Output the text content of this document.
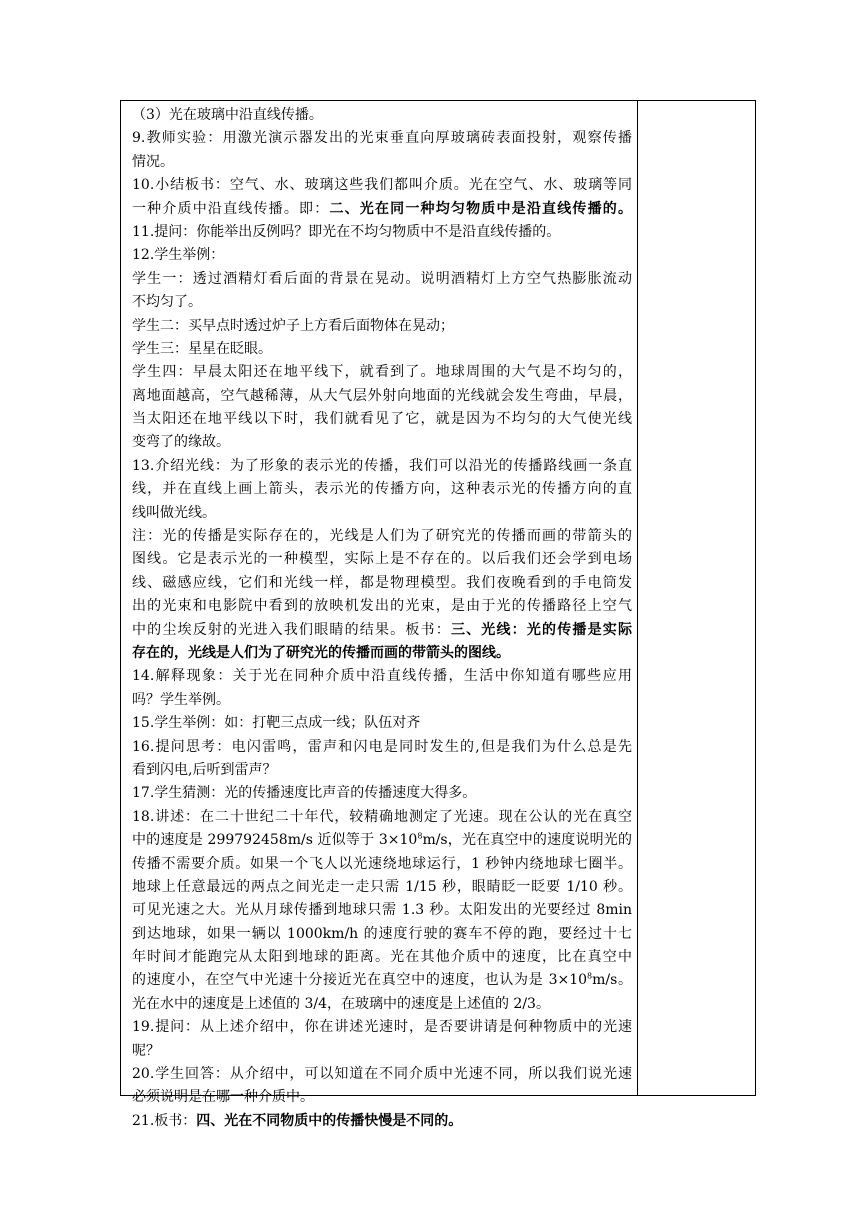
（3）光在玻璃中沿直线传播。
9.教师实验：用激光演示器发出的光束垂直向厚玻璃砖表面投射，观察传播
情况。
10.小结板书：空气、水、玻璃这些我们都叫介质。光在空气、水、玻璃等同
一种介质中沿直线传播。即：二、光在同一种均匀物质中是沿直线传播的。
11.提问：你能举出反例吗？即光在不均匀物质中不是沿直线传播的。
12.学生举例：
学生一：透过酒精灯看后面的背景在晃动。说明酒精灯上方空气热膨胀流动
不均匀了。
学生二：买早点时透过炉子上方看后面物体在晃动；
学生三：星星在眨眼。
学生四：早晨太阳还在地平线下，就看到了。地球周围的大气是不均匀的，
离地面越高，空气越稀薄，从大气层外射向地面的光线就会发生弯曲，早晨，
当太阳还在地平线以下时，我们就看见了它，就是因为不均匀的大气使光线
变弯了的缘故。
13.介绍光线：为了形象的表示光的传播，我们可以沿光的传播路线画一条直
线，并在直线上画上箭头，表示光的传播方向，这种表示光的传播方向的直
线叫做光线。
注：光的传播是实际存在的，光线是人们为了研究光的传播而画的带箭头的
图线。它是表示光的一种模型，实际上是不存在的。以后我们还会学到电场
线、磁感应线，它们和光线一样，都是物理模型。我们夜晚看到的手电筒发
出的光束和电影院中看到的放映机发出的光束，是由于光的传播路径上空气
中的尘埃反射的光进入我们眼睛的结果。板书：三、光线：光的传播是实际
存在的，光线是人们为了研究光的传播而画的带箭头的图线。
14.解释现象：关于光在同种介质中沿直线传播，生活中你知道有哪些应用
吗？学生举例。
15.学生举例：如：打靶三点成一线；队伍对齐
16.提问思考：电闪雷鸣，雷声和闪电是同时发生的,但是我们为什么总是先
看到闪电,后听到雷声？
17.学生猜测：光的传播速度比声音的传播速度大得多。
18.讲述：在二十世纪二十年代，较精确地测定了光速。现在公认的光在真空
中的速度是 299792458m/s 近似等于 $3\times 10^8m/s$，光在真空中的速度说明光的
传播不需要介质。如果一个飞人以光速绕地球运行，1 秒钟内绕地球七圈半。
地球上任意最远的两点之间光走一走只需 1/15 秒，眼睛眨一眨要 1/10 秒。
可见光速之大。光从月球传播到地球只需 1.3 秒。太阳发出的光要经过 8min
到达地球，如果一辆以 1000km/h 的速度行驶的赛车不停的跑，要经过十七
年时间才能跑完从太阳到地球的距离。光在其他介质中的速度，比在真空中
的速度小，在空气中光速十分接近光在真空中的速度，也认为是 $3\times 10^8m/s$。
光在水中的速度是上述值的 3/4，在玻璃中的速度是上述值的 2/3。
19.提问：从上述介绍中，你在讲述光速时，是否要讲请是何种物质中的光速
呢？
20.学生回答：从介绍中，可以知道在不同介质中光速不同，所以我们说光速
必须说明是在哪一种介质中。
21.板书：四、光在不同物质中的传播快慢是不同的。
